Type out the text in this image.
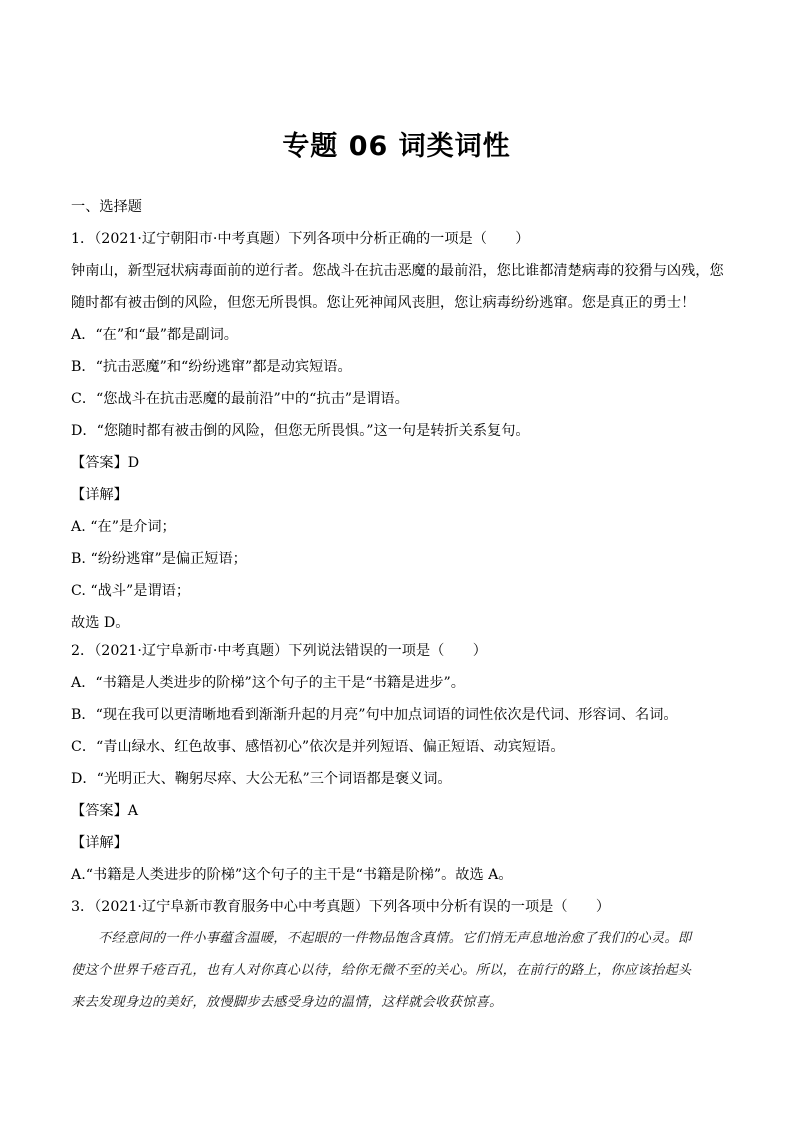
专题 06 词类词性
一、选择题
1．（2021·辽宁朝阳市·中考真题）下列各项中分析正确的一项是（　　）
钟南山，新型冠状病毒面前的逆行者。您战斗在抗击恶魔的最前沿，您比谁都清楚病毒的狡猾与凶残，您
随时都有被击倒的风险，但您无所畏惧。您让死神闻风丧胆，您让病毒纷纷逃窜。您是真正的勇士！
A．“在”和“最”都是副词。
B．“抗击恶魔”和“纷纷逃窜”都是动宾短语。
C．“您战斗在抗击恶魔的最前沿”中的“抗击”是谓语。
D．“您随时都有被击倒的风险，但您无所畏惧。”这一句是转折关系复句。
【答案】D
【详解】
A. “在”是介词；
B. “纷纷逃窜”是偏正短语；
C. “战斗”是谓语；
故选 D。
2．（2021·辽宁阜新市·中考真题）下列说法错误的一项是（　　）
A．“书籍是人类进步的阶梯”这个句子的主干是“书籍是进步”。
B．“现在我可以更清晰地看到渐渐升起的月亮”句中加点词语的词性依次是代词、形容词、名词。
C．“青山绿水、红色故事、感悟初心”依次是并列短语、偏正短语、动宾短语。
D．“光明正大、鞠躬尽瘁、大公无私”三个词语都是褒义词。
【答案】A
【详解】
A.“书籍是人类进步的阶梯”这个句子的主干是“书籍是阶梯”。故选 A。
3．（2021·辽宁阜新市教育服务中心中考真题）下列各项中分析有误的一项是（　　）
　　不经意间的一件小事蕴含温暖，不起眼的一件物品饱含真情。它们悄无声息地治愈了我们的心灵。即
使这个世界千疮百孔，也有人对你真心以待，给你无微不至的关心。所以，在前行的路上，你应该抬起头
来去发现身边的美好，放慢脚步去感受身边的温情，这样就会收获惊喜。
